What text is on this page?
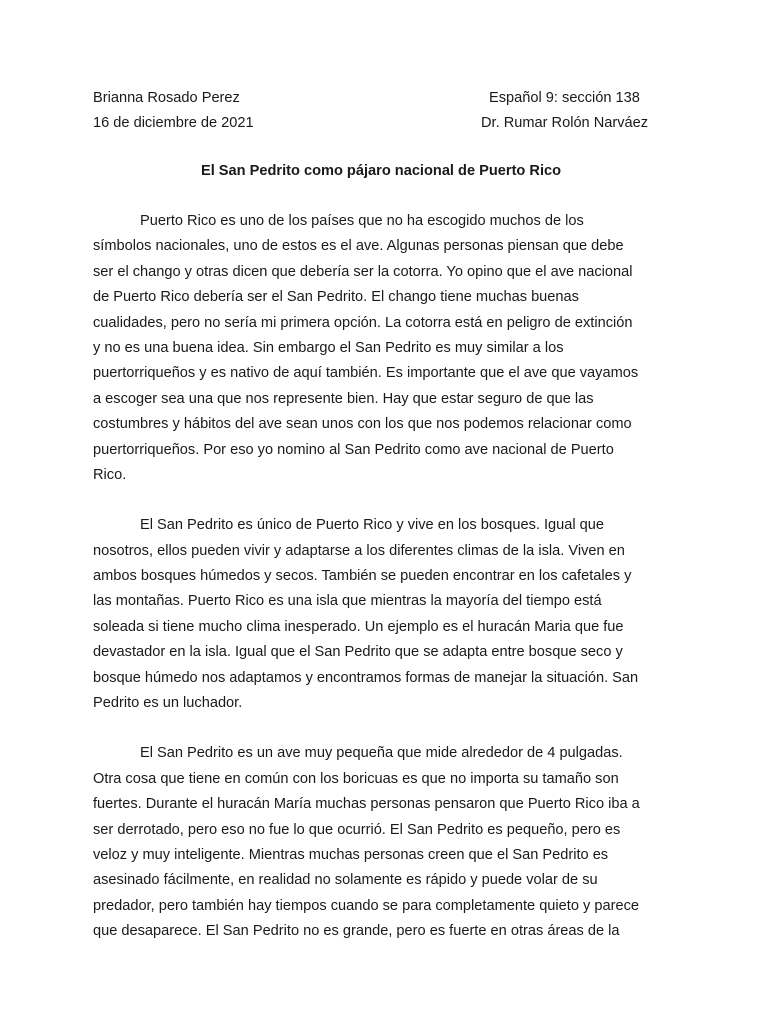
Brianna Rosado Perez	Español 9: sección 138
16 de diciembre de 2021	Dr. Rumar Rolón Narváez
El San Pedrito como pájaro nacional de Puerto Rico
Puerto Rico es uno de los países que no ha escogido muchos de los
símbolos nacionales, uno de estos es el ave. Algunas personas piensan que debe
ser el chango y otras dicen que debería ser la cotorra. Yo opino que el ave nacional
de Puerto Rico debería ser el San Pedrito. El chango tiene muchas buenas
cualidades, pero no sería mi primera opción. La cotorra está en peligro de extinción
y no es una buena idea. Sin embargo el San Pedrito es muy similar a los
puertorriqueños y es nativo de aquí también. Es importante que el ave que vayamos
a escoger sea una que nos represente bien. Hay que estar seguro de que las
costumbres y hábitos del ave sean unos con los que nos podemos relacionar como
puertorriqueños. Por eso yo nomino al San Pedrito como ave nacional de Puerto
Rico.
El San Pedrito es único de Puerto Rico y vive en los bosques. Igual que
nosotros, ellos pueden vivir y adaptarse a los diferentes climas de la isla. Viven en
ambos bosques húmedos y secos. También se pueden encontrar en los cafetales y
las montañas. Puerto Rico es una isla que mientras la mayoría del tiempo está
soleada si tiene mucho clima inesperado. Un ejemplo es el huracán Maria que fue
devastador en la isla. Igual que el San Pedrito que se adapta entre bosque seco y
bosque húmedo nos adaptamos y encontramos formas de manejar la situación. San
Pedrito es un luchador.
El San Pedrito es un ave muy pequeña que mide alrededor de 4 pulgadas.
Otra cosa que tiene en común con los boricuas es que no importa su tamaño son
fuertes. Durante el huracán María muchas personas pensaron que Puerto Rico iba a
ser derrotado, pero eso no fue lo que ocurrió. El San Pedrito es pequeño, pero es
veloz y muy inteligente. Mientras muchas personas creen que el San Pedrito es
asesinado fácilmente, en realidad no solamente es rápido y puede volar de su
predador, pero también hay tiempos cuando se para completamente quieto y parece
que desaparece. El San Pedrito no es grande, pero es fuerte en otras áreas de la
